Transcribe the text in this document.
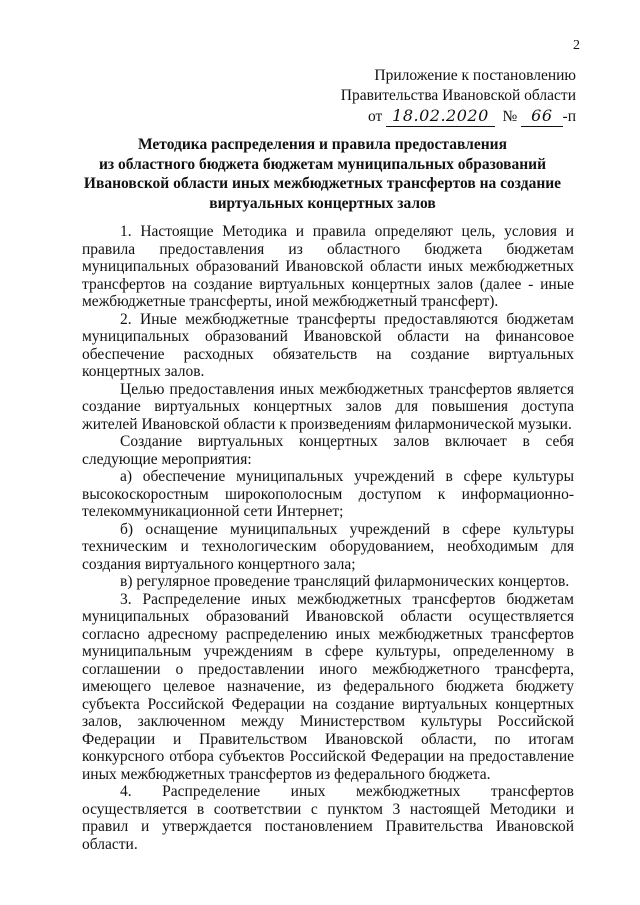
2
Приложение к постановлению
Правительства Ивановской области
от 18.02.2020 № 66 -п
Методика распределения и правила предоставления
из областного бюджета бюджетам муниципальных образований
Ивановской области иных межбюджетных трансфертов на создание
виртуальных концертных залов

1. Настоящие Методика и правила определяют цель, условия и правила предоставления из областного бюджета бюджетам муниципальных образований Ивановской области иных межбюджетных трансфертов на создание виртуальных концертных залов (далее - иные межбюджетные трансферты, иной межбюджетный трансферт).

2. Иные межбюджетные трансферты предоставляются бюджетам муниципальных образований Ивановской области на финансовое обеспечение расходных обязательств на создание виртуальных концертных залов.

Целью предоставления иных межбюджетных трансфертов является создание виртуальных концертных залов для повышения доступа жителей Ивановской области к произведениям филармонической музыки.

Создание виртуальных концертных залов включает в себя следующие мероприятия:

а) обеспечение муниципальных учреждений в сфере культуры высокоскоростным широкополосным доступом к информационно-телекоммуникационной сети Интернет;

б) оснащение муниципальных учреждений в сфере культуры техническим и технологическим оборудованием, необходимым для создания виртуального концертного зала;

в) регулярное проведение трансляций филармонических концертов.

3. Распределение иных межбюджетных трансфертов бюджетам муниципальных образований Ивановской области осуществляется согласно адресному распределению иных межбюджетных трансфертов муниципальным учреждениям в сфере культуры, определенному в соглашении о предоставлении иного межбюджетного трансферта, имеющего целевое назначение, из федерального бюджета бюджету субъекта Российской Федерации на создание виртуальных концертных залов, заключенном между Министерством культуры Российской Федерации и Правительством Ивановской области, по итогам конкурсного отбора субъектов Российской Федерации на предоставление иных межбюджетных трансфертов из федерального бюджета.

4. Распределение иных межбюджетных трансфертов осуществляется в соответствии с пунктом 3 настоящей Методики и правил и утверждается постановлением Правительства Ивановской области.
